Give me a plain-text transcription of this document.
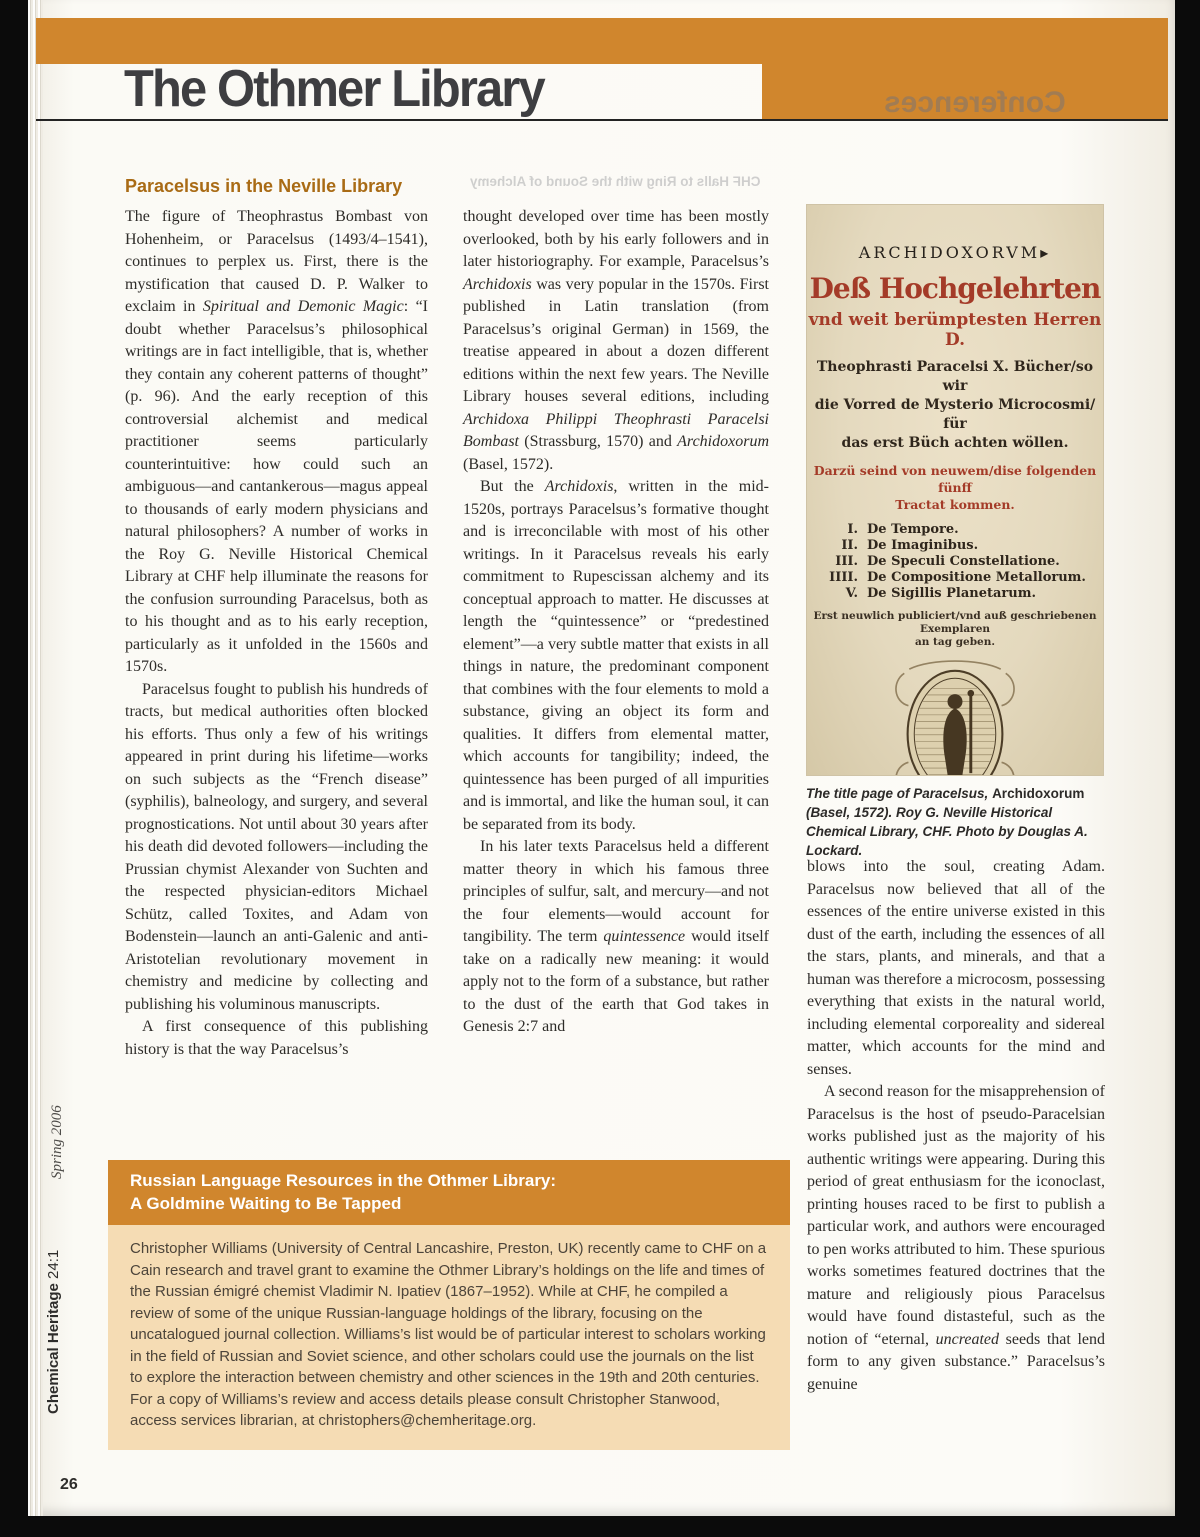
The Othmer Library	Conferences
CHF Halls to Ring with the Sound of Alchemy
Paracelsus in the Neville Library

The figure of Theophrastus Bombast von Hohenheim, or Paracelsus (1493/4–1541), continues to perplex us. First, there is the mystification that caused D. P. Walker to exclaim in Spiritual and Demonic Magic: “I doubt whether Paracelsus’s philosophical writings are in fact intelligible, that is, whether they contain any coherent patterns of thought” (p. 96). And the early reception of this controversial alchemist and medical practitioner seems particularly counterintuitive: how could such an ambiguous—and cantankerous—magus appeal to thousands of early modern physicians and natural philosophers? A number of works in the Roy G. Neville Historical Chemical Library at CHF help illuminate the reasons for the confusion surrounding Paracelsus, both as to his thought and as to his early reception, particularly as it unfolded in the 1560s and 1570s.

Paracelsus fought to publish his hundreds of tracts, but medical authorities often blocked his efforts. Thus only a few of his writings appeared in print during his lifetime—works on such subjects as the “French disease” (syphilis), balneology, and surgery, and several prognostications. Not until about 30 years after his death did devoted followers—including the Prussian chymist Alexander von Suchten and the respected physician-editors Michael Schütz, called Toxites, and Adam von Bodenstein—launch an anti-Galenic and anti-Aristotelian revolutionary movement in chemistry and medicine by collecting and publishing his voluminous manuscripts.

A first consequence of this publishing history is that the way Paracelsus’s

thought developed over time has been mostly overlooked, both by his early followers and in later historiography. For example, Paracelsus’s Archidoxis was very popular in the 1570s. First published in Latin translation (from Paracelsus’s original German) in 1569, the treatise appeared in about a dozen different editions within the next few years. The Neville Library houses several editions, including Archidoxa Philippi Theophrasti Paracelsi Bombast (Strassburg, 1570) and Archidoxorum (Basel, 1572).

But the Archidoxis, written in the mid-1520s, portrays Paracelsus’s formative thought and is irreconcilable with most of his other writings. In it Paracelsus reveals his early commitment to Rupescissan alchemy and its conceptual approach to matter. He discusses at length the “quintessence” or “predestined element”—a very subtle matter that exists in all things in nature, the predominant component that combines with the four elements to mold a substance, giving an object its form and qualities. It differs from elemental matter, which accounts for tangibility; indeed, the quintessence has been purged of all impurities and is immortal, and like the human soul, it can be separated from its body.

In his later texts Paracelsus held a different matter theory in which his famous three principles of sulfur, salt, and mercury—and not the four elements—would account for tangibility. The term quintessence would itself take on a radically new meaning: it would apply not to the form of a substance, but rather to the dust of the earth that God takes in Genesis 2:7 and

ARCHIDOXORVM▸
Deß Hochgelehrten
vnd weit berümptesten Herren D.
Theophrasti Paracelsi X. Bücher/so wir
die Vorred de Mysterio Microcosmi/ für
das erst Büch achten wöllen.
Darzü seind von neuwem/dise folgenden fünff
Tractat kommen.
I. De Tempore.
II. De Imaginibus.
III. De Speculi Constellatione.
IIII. De Compositione Metallorum.
V. De Sigillis Planetarum.
Erst neuwlich publiciert/vnd auß geschriebenen Exemplaren
an tag geben.
The title page of Paracelsus, Archidoxorum (Basel, 1572). Roy G. Neville Historical Chemical Library, CHF. Photo by Douglas A. Lockard.

blows into the soul, creating Adam. Paracelsus now believed that all of the essences of the entire universe existed in this dust of the earth, including the essences of all the stars, plants, and minerals, and that a human was therefore a microcosm, possessing everything that exists in the natural world, including elemental corporeality and sidereal matter, which accounts for the mind and senses.

A second reason for the misapprehension of Paracelsus is the host of pseudo-Paracelsian works published just as the majority of his authentic writings were appearing. During this period of great enthusiasm for the iconoclast, printing houses raced to be first to publish a particular work, and authors were encouraged to pen works attributed to him. These spurious works sometimes featured doctrines that the mature and religiously pious Paracelsus would have found distasteful, such as the notion of “eternal, uncreated seeds that lend form to any given substance.” Paracelsus’s genuine

Russian Language Resources in the Othmer Library:
A Goldmine Waiting to Be Tapped

Christopher Williams (University of Central Lancashire, Preston, UK) recently came to CHF on a Cain research and travel grant to examine the Othmer Library’s holdings on the life and times of the Russian émigré chemist Vladimir N. Ipatiev (1867–1952). While at CHF, he compiled a review of some of the unique Russian-language holdings of the library, focusing on the uncatalogued journal collection. Williams’s list would be of particular interest to scholars working in the field of Russian and Soviet science, and other scholars could use the journals on the list to explore the interaction between chemistry and other sciences in the 19th and 20th centuries. For a copy of Williams’s review and access details please consult Christopher Stanwood, access services librarian, at christophers@chemheritage.org.

Spring 2006
Chemical Heritage 24:1
26
